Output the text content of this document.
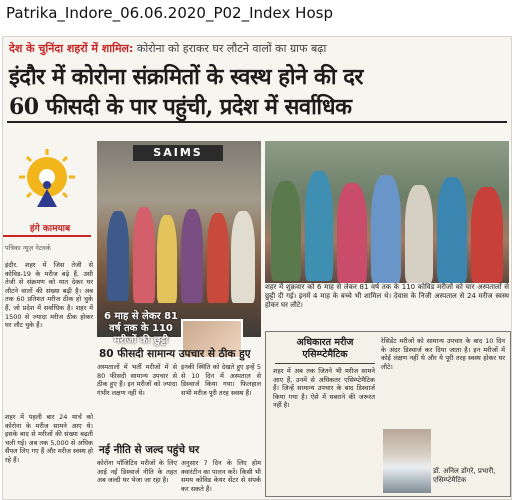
Patrika_Indore_06.06.2020_P02_Index Hosp
देश के चुनिंदा शहरों में शामिल: कोरोना को हराकर घर लौटने वालों का ग्राफ बढ़ा
इंदौर में कोरोना संक्रमितों के स्वस्थ होने की दर
60 फीसदी के पार पहुंची, प्रदेश में सर्वाधिक
हंगे कामयाब
पत्रिका न्यूज़ नेटवर्क
इंदौर. शहर में जिस तेजी से कोविड-19 के मरीज बढ़े हैं, उसी तेजी से संक्रमण को मात देकर घर लौटने वालों की संख्या बढ़ी है। अब तक 60 प्रतिशत मरीज ठीक हो चुके हैं, जो प्रदेश में सर्वाधिक है। शहर में 1500 से ज्यादा मरीज ठीक होकर घर लौट चुके हैं।
शहर में पहली बार 24 मार्च को कोरोना के मरीज सामने आए थे। इसके बाद से मरीजों की संख्या बढ़ती चली गई। अब तक 5,000 से अधिक सैंपल लिए गए हैं और मरीज स्वस्थ हो रहे हैं।
SAIMS
6 माह से लेकर 81 वर्ष तक के 110 मरीजों की छुट्टी
शहर में शुक्रवार को 6 माह से लेकर 81 वर्ष तक के 110 कोविड मरीजों को चार अस्पतालों से छुट्टी दी गई। इनमें 4 माह के बच्चे भी शामिल थे। देवास के निजी अस्पताल से 24 मरीज स्वस्थ होकर घर लौटे।
80 फीसदी सामान्य उपचार से ठीक हुए
अस्पतालों में भर्ती मरीजों में से 80 फीसदी सामान्य उपचार से ठीक हुए हैं। इन मरीजों को ज्यादा गंभीर लक्षण नहीं थे।
इनकी स्थिति को देखते हुए इन्हें 5 से 10 दिन में अस्पताल से डिस्चार्ज किया गया। फिलहाल सभी मरीज पूरी तरह स्वस्थ हैं।
नई नीति से जल्द पहुंचे घर
कोरोना पॉजिटिव मरीजों के लिए आई नई डिस्चार्ज नीति के तहत अब जल्दी घर भेजा जा रहा है।
अनुसार 7 दिन के लिए होम क्वारंटीन का पालन करें। किसी भी समय कोविड केयर सेंटर से संपर्क कर सकते हैं।
अधिकारत मरीज एसिम्प्टेमैटिक
शहर में अब तक जितने भी मरीज सामने आए हैं, उनमें से अधिकतर एसिम्प्टेमैटिक हैं। जिन्हें सामान्य उपचार के बाद डिस्चार्ज किया गया है। ऐसे में घबराने की जरूरत नहीं है।
रेसिडेंट मरीजों को सामान्य उपचार के बाद 10 दिन के अंदर डिस्चार्ज कर दिया जाता है। इन मरीजों में कोई लक्षण नहीं थे और ये पूरी तरह स्वस्थ होकर घर लौटे।
डॉ. अनिल डोंगरे, प्रभारी, एसिम्प्टेमैटिक
